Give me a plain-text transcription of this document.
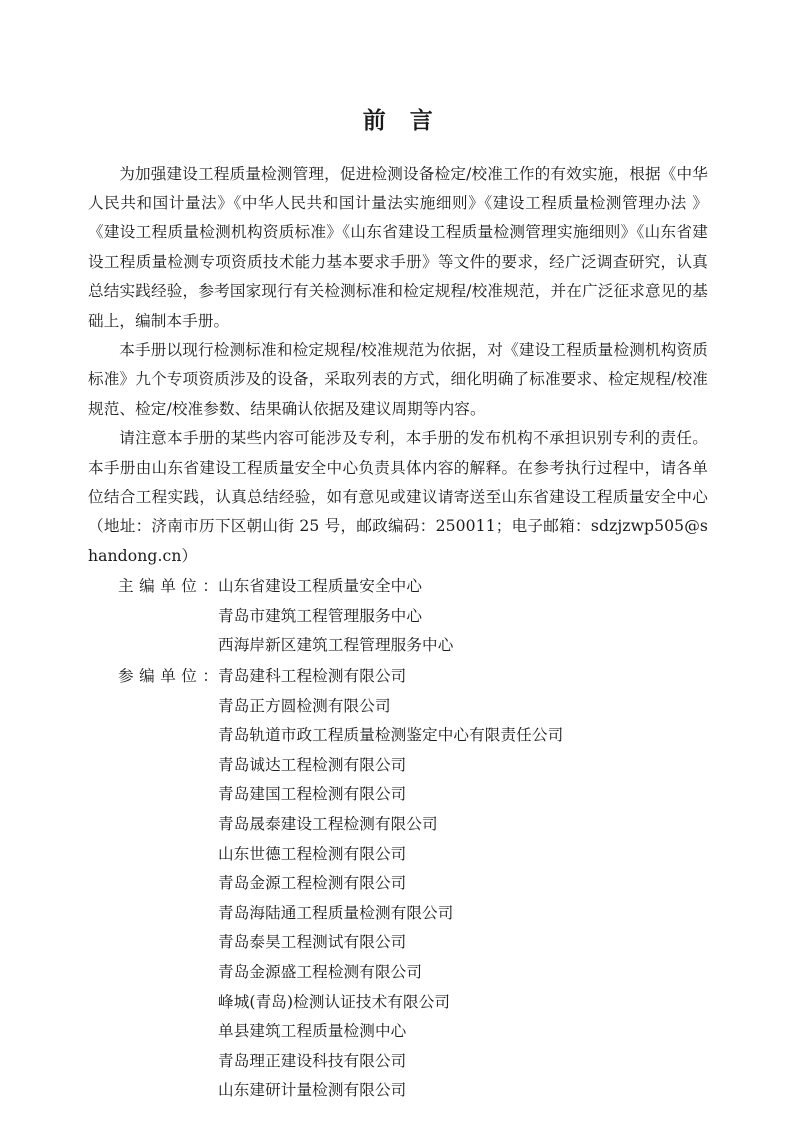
前　言

为加强建设工程质量检测管理，促进检测设备检定/校准工作的有效实施，根据《中华人民共和国计量法》《中华人民共和国计量法实施细则》《建设工程质量检测管理办法 》《建设工程质量检测机构资质标准》《山东省建设工程质量检测管理实施细则》《山东省建设工程质量检测专项资质技术能力基本要求手册》等文件的要求，经广泛调查研究，认真总结实践经验，参考国家现行有关检测标准和检定规程/校准规范，并在广泛征求意见的基础上，编制本手册。

本手册以现行检测标准和检定规程/校准规范为依据，对《建设工程质量检测机构资质标准》九个专项资质涉及的设备，采取列表的方式，细化明确了标准要求、检定规程/校准规范、检定/校准参数、结果确认依据及建议周期等内容。

请注意本手册的某些内容可能涉及专利，本手册的发布机构不承担识别专利的责任。本手册由山东省建设工程质量安全中心负责具体内容的解释。在参考执行过程中，请各单位结合工程实践，认真总结经验，如有意见或建议请寄送至山东省建设工程质量安全中心（地址：济南市历下区朝山街 25 号，邮政编码：250011；电子邮箱：sdzjzwp505@shandong.cn）

主编单位： 山东省建设工程质量安全中心
青岛市建筑工程管理服务中心
西海岸新区建筑工程管理服务中心
参编单位： 青岛建科工程检测有限公司
青岛正方圆检测有限公司
青岛轨道市政工程质量检测鉴定中心有限责任公司
青岛诚达工程检测有限公司
青岛建国工程检测有限公司
青岛晟泰建设工程检测有限公司
山东世德工程检测有限公司
青岛金源工程检测有限公司
青岛海陆通工程质量检测有限公司
青岛泰昊工程测试有限公司
青岛金源盛工程检测有限公司
峰城(青岛)检测认证技术有限公司
单县建筑工程质量检测中心
青岛理正建设科技有限公司
山东建研计量检测有限公司
